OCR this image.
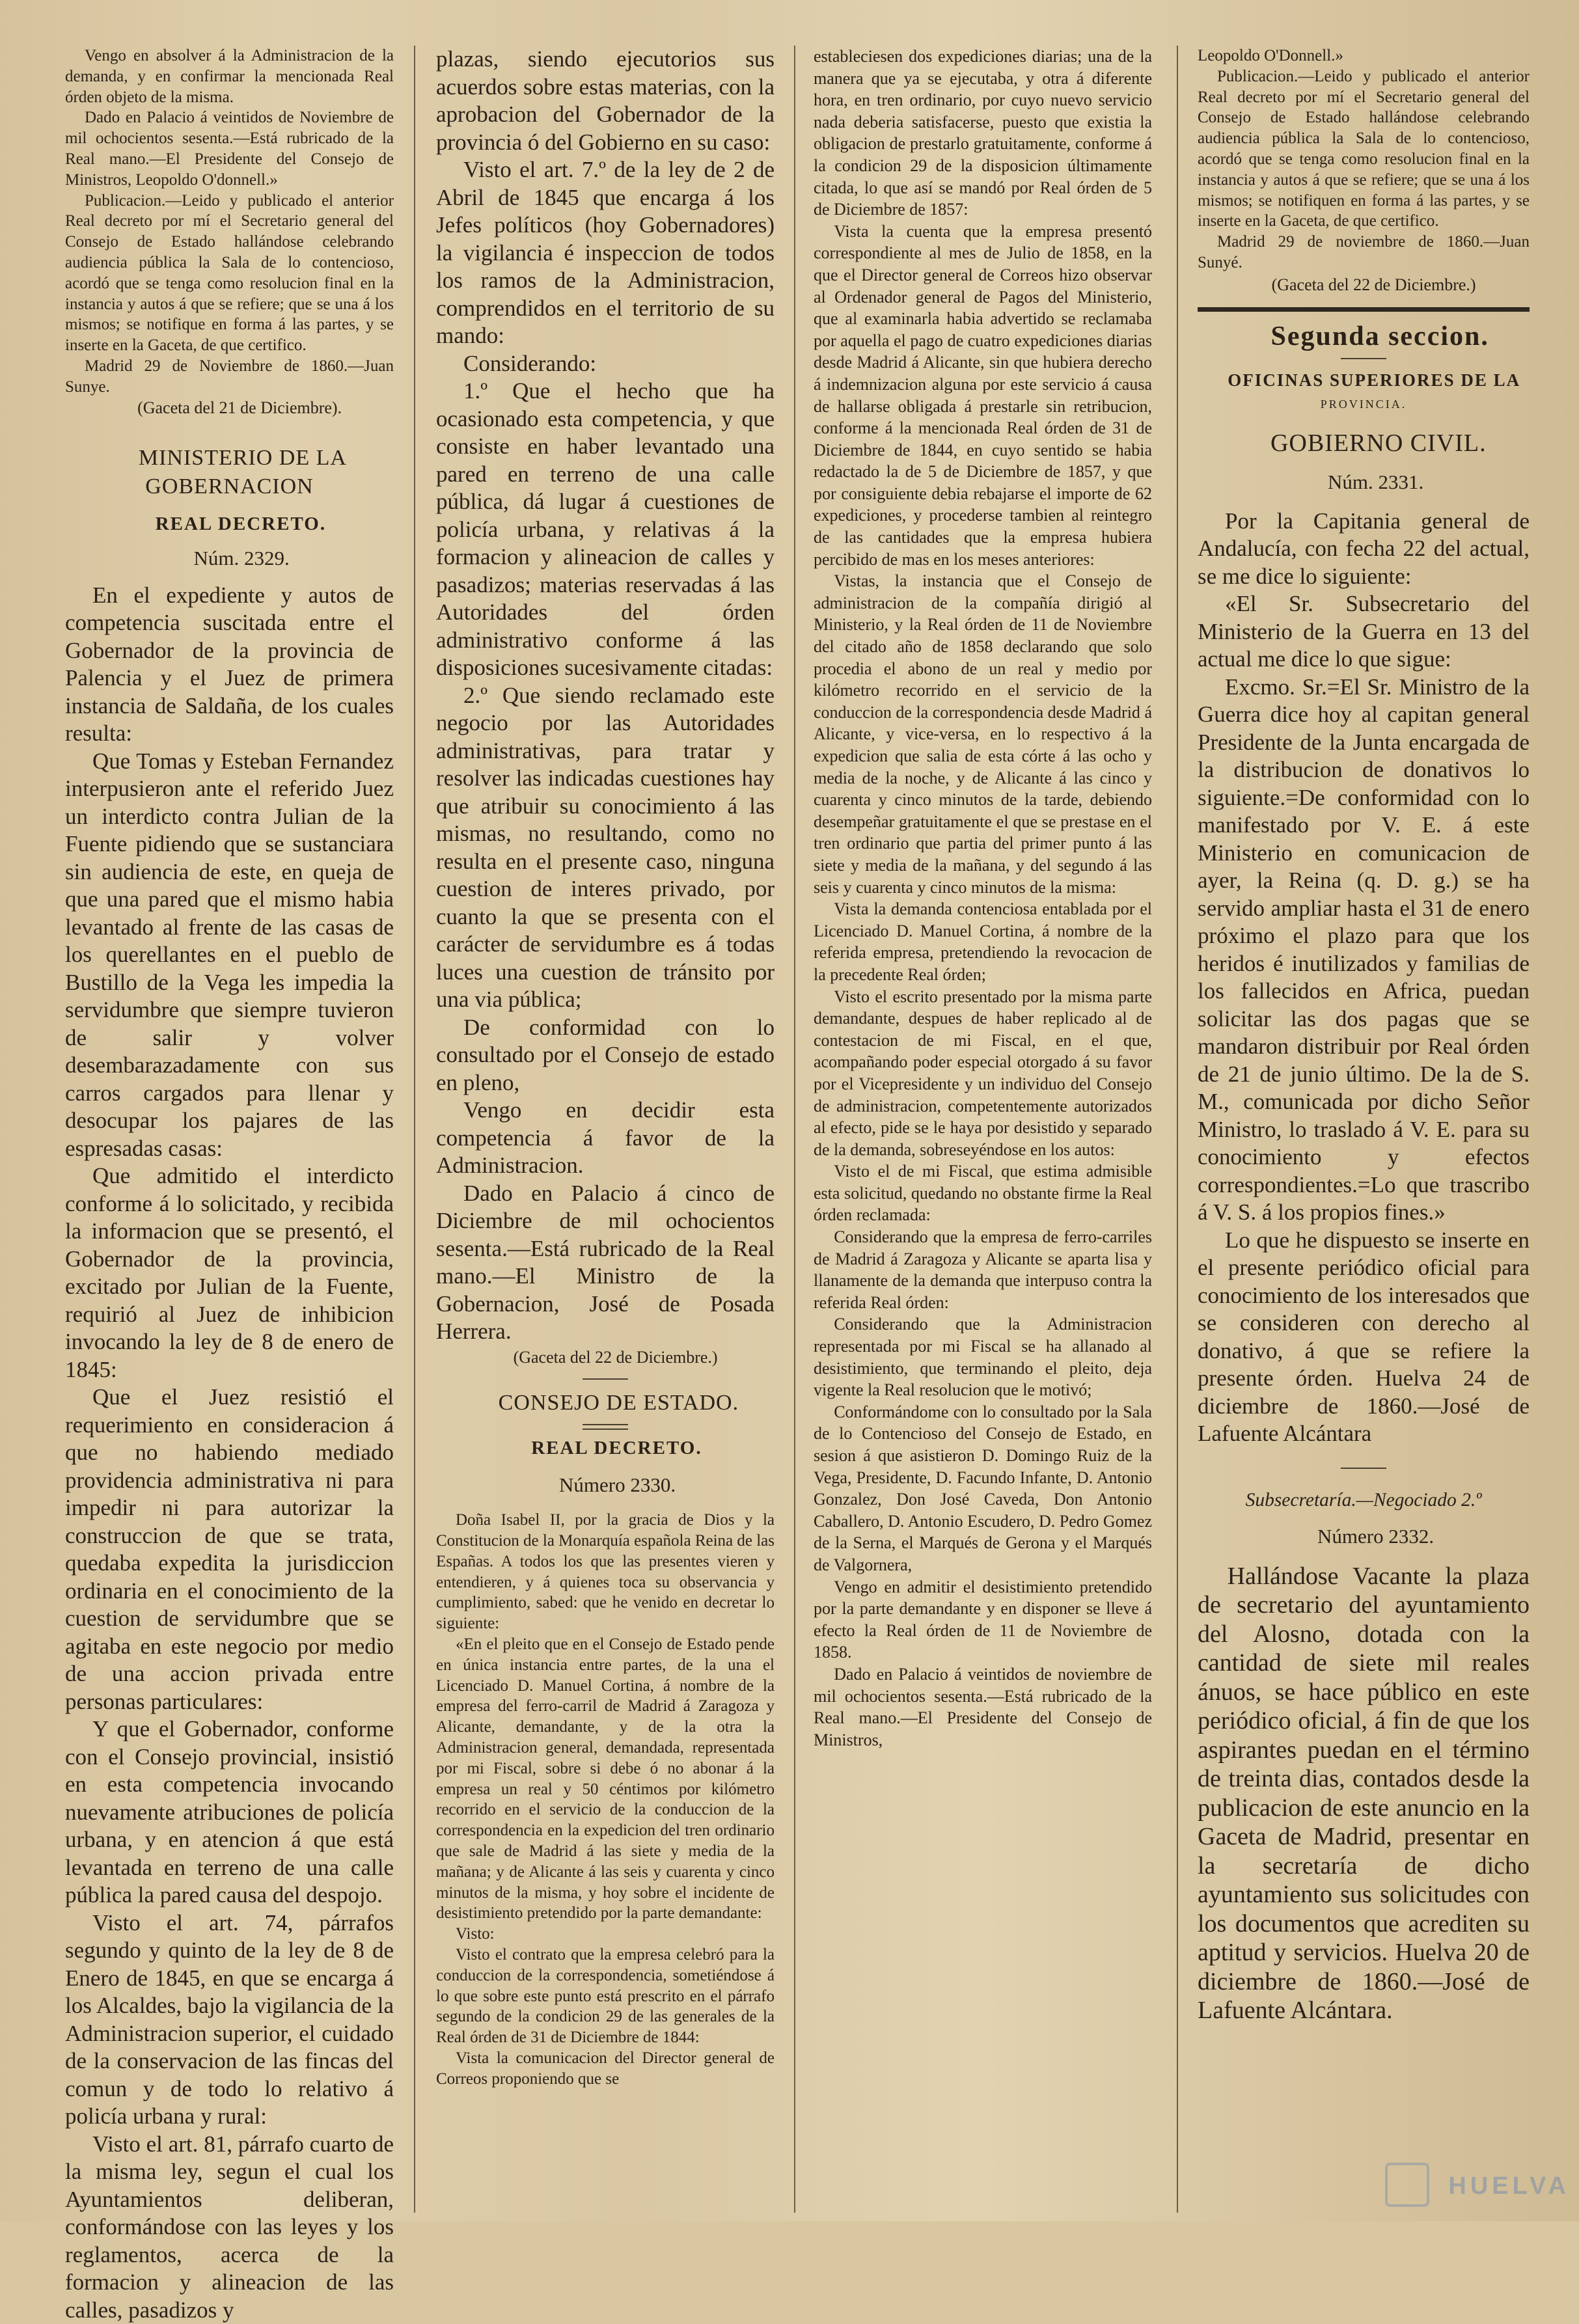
Vengo en absolver á la Administracion de la demanda, y en confirmar la mencionada Real órden objeto de la misma.

Dado en Palacio á veintidos de Noviembre de mil ochocientos sesenta.—Está rubricado de la Real mano.—El Presidente del Consejo de Ministros, Leopoldo O'donnell.»

Publicacion.—Leido y publicado el anterior Real decreto por mí el Secretario general del Consejo de Estado hallándose celebrando audiencia pública la Sala de lo contencioso, acordó que se tenga como resolucion final en la instancia y autos á que se refiere; que se una á los mismos; se notifique en forma á las partes, y se inserte en la Gaceta, de que certifico.

Madrid 29 de Noviembre de 1860.—Juan Sunye.

(Gaceta del 21 de Diciembre).

MINISTERIO DE LA GOBERNACION

REAL DECRETO.

Núm. 2329.

En el expediente y autos de competencia suscitada entre el Gobernador de la provincia de Palencia y el Juez de primera instancia de Saldaña, de los cuales resulta:

Que Tomas y Esteban Fernandez interpusieron ante el referido Juez un interdicto contra Julian de la Fuente pidiendo que se sustanciara sin audiencia de este, en queja de que una pared que el mismo habia levantado al frente de las casas de los querellantes en el pueblo de Bustillo de la Vega les impedia la servidumbre que siempre tuvieron de salir y volver desembarazadamente con sus carros cargados para llenar y desocupar los pajares de las espresadas casas:

Que admitido el interdicto conforme á lo solicitado, y recibida la informacion que se presentó, el Gobernador de la provincia, excitado por Julian de la Fuente, requirió al Juez de inhibicion invocando la ley de 8 de enero de 1845:

Que el Juez resistió el requerimiento en consideracion á que no habiendo mediado providencia administrativa ni para impedir ni para autorizar la construccion de que se trata, quedaba expedita la jurisdiccion ordinaria en el conocimiento de la cuestion de servidumbre que se agitaba en este negocio por medio de una accion privada entre personas particulares:

Y que el Gobernador, conforme con el Consejo provincial, insistió en esta competencia invocando nuevamente atribuciones de policía urbana, y en atencion á que está levantada en terreno de una calle pública la pared causa del despojo.

Visto el art. 74, párrafos segundo y quinto de la ley de 8 de Enero de 1845, en que se encarga á los Alcaldes, bajo la vigilancia de la Administracion superior, el cuidado de la conservacion de las fincas del comun y de todo lo relativo á policía urbana y rural:

Visto el art. 81, párrafo cuarto de la misma ley, segun el cual los Ayuntamientos deliberan, conformándose con las leyes y los reglamentos, acerca de la formacion y alineacion de las calles, pasadizos y

plazas, siendo ejecutorios sus acuerdos sobre estas materias, con la aprobacion del Gobernador de la provincia ó del Gobierno en su caso:

Visto el art. 7.º de la ley de 2 de Abril de 1845 que encarga á los Jefes políticos (hoy Gobernadores) la vigilancia é inspeccion de todos los ramos de la Administracion, comprendidos en el territorio de su mando:

Considerando:

1.º Que el hecho que ha ocasionado esta competencia, y que consiste en haber levantado una pared en terreno de una calle pública, dá lugar á cuestiones de policía urbana, y relativas á la formacion y alineacion de calles y pasadizos; materias reservadas á las Autoridades del órden administrativo conforme á las disposiciones sucesivamente citadas:

2.º Que siendo reclamado este negocio por las Autoridades administrativas, para tratar y resolver las indicadas cuestiones hay que atribuir su conocimiento á las mismas, no resultando, como no resulta en el presente caso, ninguna cuestion de interes privado, por cuanto la que se presenta con el carácter de servidumbre es á todas luces una cuestion de tránsito por una via pública;

De conformidad con lo consultado por el Consejo de estado en pleno,

Vengo en decidir esta competencia á favor de la Administracion.

Dado en Palacio á cinco de Diciembre de mil ochocientos sesenta.—Está rubricado de la Real mano.—El Ministro de la Gobernacion, José de Posada Herrera.

(Gaceta del 22 de Diciembre.)

CONSEJO DE ESTADO.

REAL DECRETO.

Número 2330.

Doña Isabel II, por la gracia de Dios y la Constitucion de la Monarquía española Reina de las Españas. A todos los que las presentes vieren y entendieren, y á quienes toca su observancia y cumplimiento, sabed: que he venido en decretar lo siguiente:

«En el pleito que en el Consejo de Estado pende en única instancia entre partes, de la una el Licenciado D. Manuel Cortina, á nombre de la empresa del ferro-carril de Madrid á Zaragoza y Alicante, demandante, y de la otra la Administracion general, demandada, representada por mi Fiscal, sobre si debe ó no abonar á la empresa un real y 50 céntimos por kilómetro recorrido en el servicio de la conduccion de la correspondencia en la expedicion del tren ordinario que sale de Madrid á las siete y media de la mañana; y de Alicante á las seis y cuarenta y cinco minutos de la misma, y hoy sobre el incidente de desistimiento pretendido por la parte demandante:

Visto:

Visto el contrato que la empresa celebró para la conduccion de la correspondencia, sometiéndose á lo que sobre este punto está prescrito en el párrafo segundo de la condicion 29 de las generales de la Real órden de 31 de Diciembre de 1844:

Vista la comunicacion del Director general de Correos proponiendo que se

estableciesen dos expediciones diarias; una de la manera que ya se ejecutaba, y otra á diferente hora, en tren ordinario, por cuyo nuevo servicio nada deberia satisfacerse, puesto que existia la obligacion de prestarlo gratuitamente, conforme á la condicion 29 de la disposicion últimamente citada, lo que así se mandó por Real órden de 5 de Diciembre de 1857:

Vista la cuenta que la empresa presentó correspondiente al mes de Julio de 1858, en la que el Director general de Correos hizo observar al Ordenador general de Pagos del Ministerio, que al examinarla habia advertido se reclamaba por aquella el pago de cuatro expediciones diarias desde Madrid á Alicante, sin que hubiera derecho á indemnizacion alguna por este servicio á causa de hallarse obligada á prestarle sin retribucion, conforme á la mencionada Real órden de 31 de Diciembre de 1844, en cuyo sentido se habia redactado la de 5 de Diciembre de 1857, y que por consiguiente debia rebajarse el importe de 62 expediciones, y procederse tambien al reintegro de las cantidades que la empresa hubiera percibido de mas en los meses anteriores:

Vistas, la instancia que el Consejo de administracion de la compañía dirigió al Ministerio, y la Real órden de 11 de Noviembre del citado año de 1858 declarando que solo procedia el abono de un real y medio por kilómetro recorrido en el servicio de la conduccion de la correspondencia desde Madrid á Alicante, y vice-versa, en lo respectivo á la expedicion que salia de esta córte á las ocho y media de la noche, y de Alicante á las cinco y cuarenta y cinco minutos de la tarde, debiendo desempeñar gratuitamente el que se prestase en el tren ordinario que partia del primer punto á las siete y media de la mañana, y del segundo á las seis y cuarenta y cinco minutos de la misma:

Vista la demanda contenciosa entablada por el Licenciado D. Manuel Cortina, á nombre de la referida empresa, pretendiendo la revocacion de la precedente Real órden;

Visto el escrito presentado por la misma parte demandante, despues de haber replicado al de contestacion de mi Fiscal, en el que, acompañando poder especial otorgado á su favor por el Vicepresidente y un individuo del Consejo de administracion, competentemente autorizados al efecto, pide se le haya por desistido y separado de la demanda, sobreseyéndose en los autos:

Visto el de mi Fiscal, que estima admisible esta solicitud, quedando no obstante firme la Real órden reclamada:

Considerando que la empresa de ferro-carriles de Madrid á Zaragoza y Alicante se aparta lisa y llanamente de la demanda que interpuso contra la referida Real órden:

Considerando que la Administracion representada por mi Fiscal se ha allanado al desistimiento, que terminando el pleito, deja vigente la Real resolucion que le motivó;

Conformándome con lo consultado por la Sala de lo Contencioso del Consejo de Estado, en sesion á que asistieron D. Domingo Ruiz de la Vega, Presidente, D. Facundo Infante, D. Antonio Gonzalez, Don José Caveda, Don Antonio Caballero, D. Antonio Escudero, D. Pedro Gomez de la Serna, el Marqués de Gerona y el Marqués de Valgornera,

Vengo en admitir el desistimiento pretendido por la parte demandante y en disponer se lleve á efecto la Real órden de 11 de Noviembre de 1858.

Dado en Palacio á veintidos de noviembre de mil ochocientos sesenta.—Está rubricado de la Real mano.—El Presidente del Consejo de Ministros,

Leopoldo O'Donnell.»

Publicacion.—Leido y publicado el anterior Real decreto por mí el Secretario general del Consejo de Estado hallándose celebrando audiencia pública la Sala de lo contencioso, acordó que se tenga como resolucion final en la instancia y autos á que se refiere; que se una á los mismos; se notifiquen en forma á las partes, y se inserte en la Gaceta, de que certifico.

Madrid 29 de noviembre de 1860.—Juan Sunyé.

(Gaceta del 22 de Diciembre.)

Segunda seccion.

OFICINAS SUPERIORES DE LA

PROVINCIA.

GOBIERNO CIVIL.

Núm. 2331.

Por la Capitania general de Andalucía, con fecha 22 del actual, se me dice lo siguiente:

«El Sr. Subsecretario del Ministerio de la Guerra en 13 del actual me dice lo que sigue:

Excmo. Sr.=El Sr. Ministro de la Guerra dice hoy al capitan general Presidente de la Junta encargada de la distribucion de donativos lo siguiente.=De conformidad con lo manifestado por V. E. á este Ministerio en comunicacion de ayer, la Reina (q. D. g.) se ha servido ampliar hasta el 31 de enero próximo el plazo para que los heridos é inutilizados y familias de los fallecidos en Africa, puedan solicitar las dos pagas que se mandaron distribuir por Real órden de 21 de junio último. De la de S. M., comunicada por dicho Señor Ministro, lo traslado á V. E. para su conocimiento y efectos correspondientes.=Lo que trascribo á V. S. á los propios fines.»

Lo que he dispuesto se inserte en el presente periódico oficial para conocimiento de los interesados que se consideren con derecho al donativo, á que se refiere la presente órden. Huelva 24 de diciembre de 1860.—José de Lafuente Alcántara

Subsecretaría.—Negociado 2.º

Número 2332.

Hallándose Vacante la plaza de secretario del ayuntamiento del Alosno, dotada con la cantidad de siete mil reales ánuos, se hace público en este periódico oficial, á fin de que los aspirantes puedan en el término de treinta dias, contados desde la publicacion de este anuncio en la Gaceta de Madrid, presentar en la secretaría de dicho ayuntamiento sus solicitudes con los documentos que acrediten su aptitud y servicios. Huelva 20 de diciembre de 1860.—José de Lafuente Alcántara.

HUELVA
